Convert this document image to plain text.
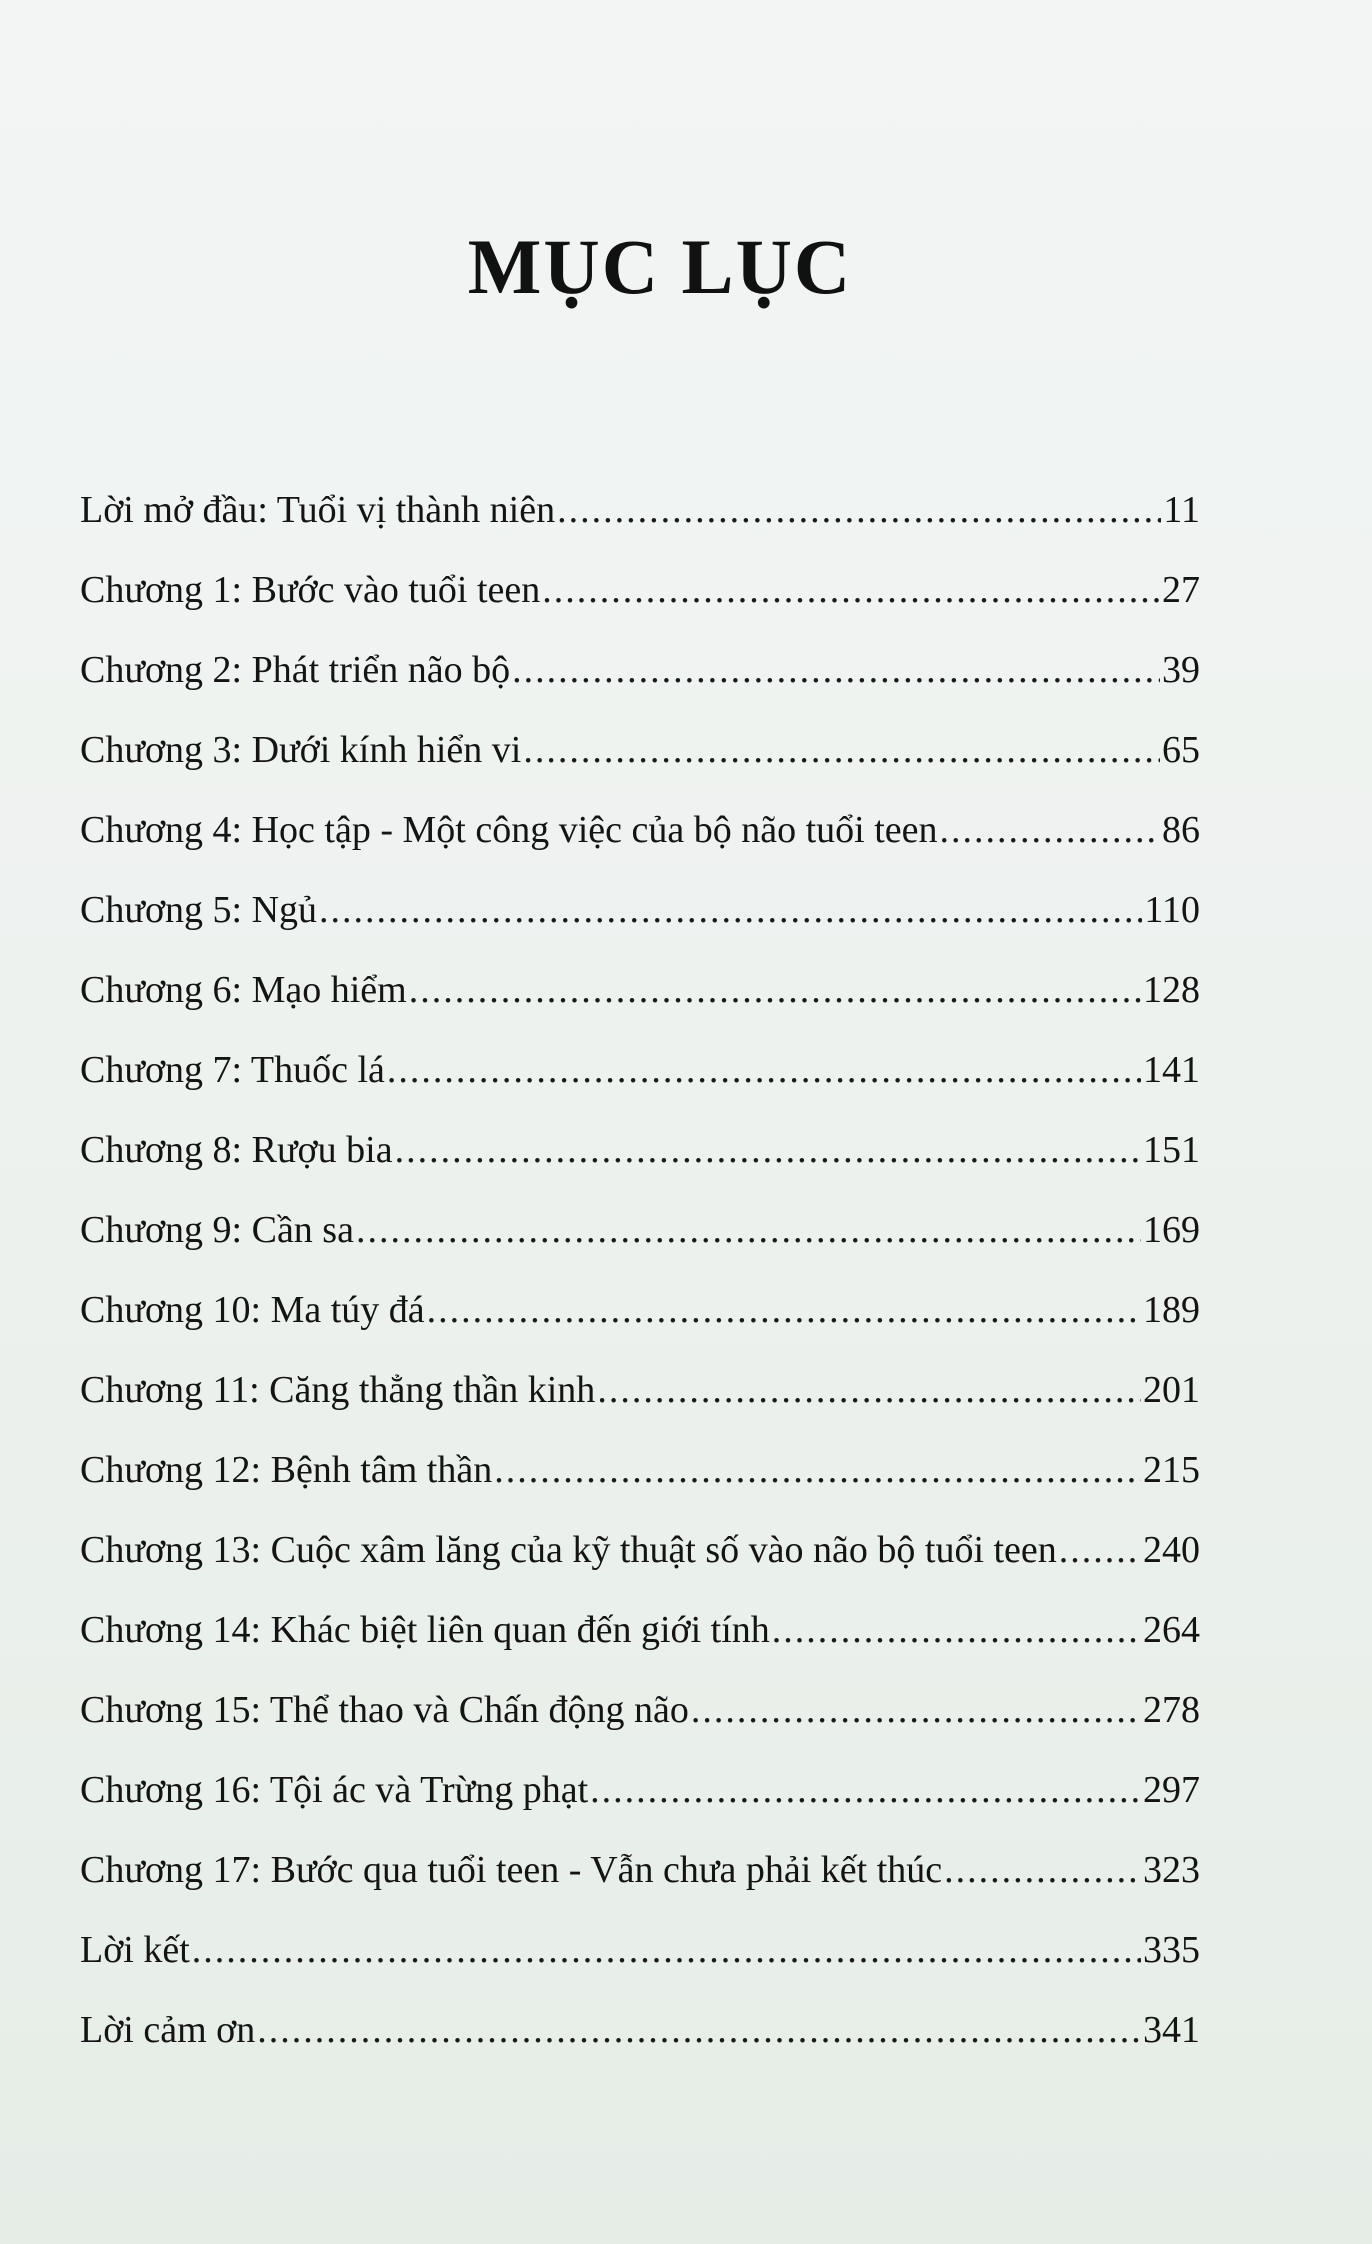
MỤC LỤC
Lời mở đầu: Tuổi vị thành niên .....	11
Chương 1: Bước vào tuổi teen .....	27
Chương 2: Phát triển não bộ .....	39
Chương 3: Dưới kính hiển vi .....	65
Chương 4: Học tập - Một công việc của bộ não tuổi teen .....	86
Chương 5: Ngủ .....	110
Chương 6: Mạo hiểm .....	128
Chương 7: Thuốc lá .....	141
Chương 8: Rượu bia .....	151
Chương 9: Cần sa .....	169
Chương 10: Ma túy đá .....	189
Chương 11: Căng thẳng thần kinh .....	201
Chương 12: Bệnh tâm thần .....	215
Chương 13: Cuộc xâm lăng của kỹ thuật số vào não bộ tuổi teen ..... 240
Chương 14: Khác biệt liên quan đến giới tính .....	264
Chương 15: Thể thao và Chấn động não .....	278
Chương 16: Tội ác và Trừng phạt .....	297
Chương 17: Bước qua tuổi teen - Vẫn chưa phải kết thúc .....	323
Lời kết .....	335
Lời cảm ơn .....	341
